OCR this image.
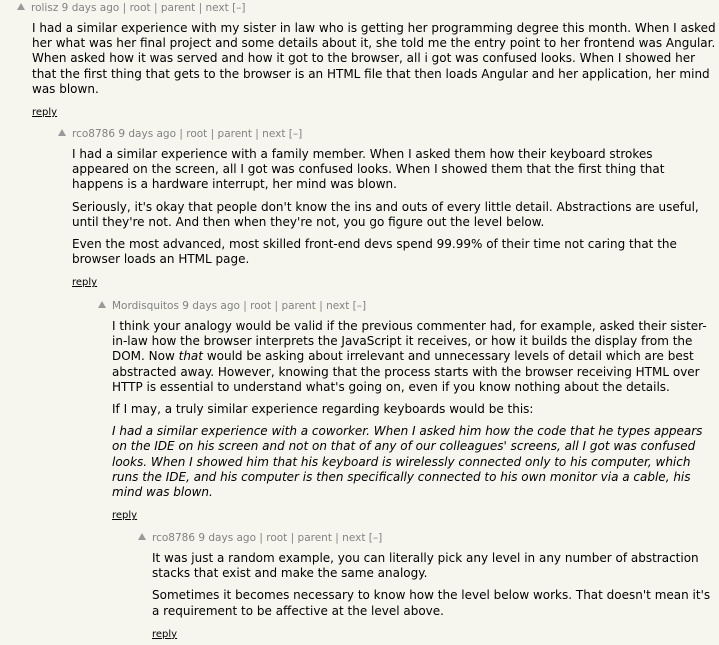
rolisz 9 days ago | root | parent | next [–]

I had a similar experience with my sister in law who is getting her programming degree this month. When I asked her what was her final project and some details about it, she told me the entry point to her frontend was Angular. When asked how it was served and how it got to the browser, all i got was confused looks. When I showed her that the first thing that gets to the browser is an HTML file that then loads Angular and her application, her mind was blown.

reply
rco8786 9 days ago | root | parent | next [–]

I had a similar experience with a family member. When I asked them how their keyboard strokes appeared on the screen, all I got was confused looks. When I showed them that the first thing that happens is a hardware interrupt, her mind was blown.

Seriously, it's okay that people don't know the ins and outs of every little detail. Abstractions are useful, until they're not. And then when they're not, you go figure out the level below.

Even the most advanced, most skilled front-end devs spend 99.99% of their time not caring that the browser loads an HTML page.

reply
Mordisquitos 9 days ago | root | parent | next [–]

I think your analogy would be valid if the previous commenter had, for example, asked their sister-in-law how the browser interprets the JavaScript it receives, or how it builds the display from the DOM. Now that would be asking about irrelevant and unnecessary levels of detail which are best abstracted away. However, knowing that the process starts with the browser receiving HTML over HTTP is essential to understand what's going on, even if you know nothing about the details.

If I may, a truly similar experience regarding keyboards would be this:

I had a similar experience with a coworker. When I asked him how the code that he types appears on the IDE on his screen and not on that of any of our colleagues' screens, all I got was confused looks. When I showed him that his keyboard is wirelessly connected only to his computer, which runs the IDE, and his computer is then specifically connected to his own monitor via a cable, his mind was blown.

reply
rco8786 9 days ago | root | parent | next [–]

It was just a random example, you can literally pick any level in any number of abstraction stacks that exist and make the same analogy.

Sometimes it becomes necessary to know how the level below works. That doesn't mean it's a requirement to be affective at the level above.

reply
